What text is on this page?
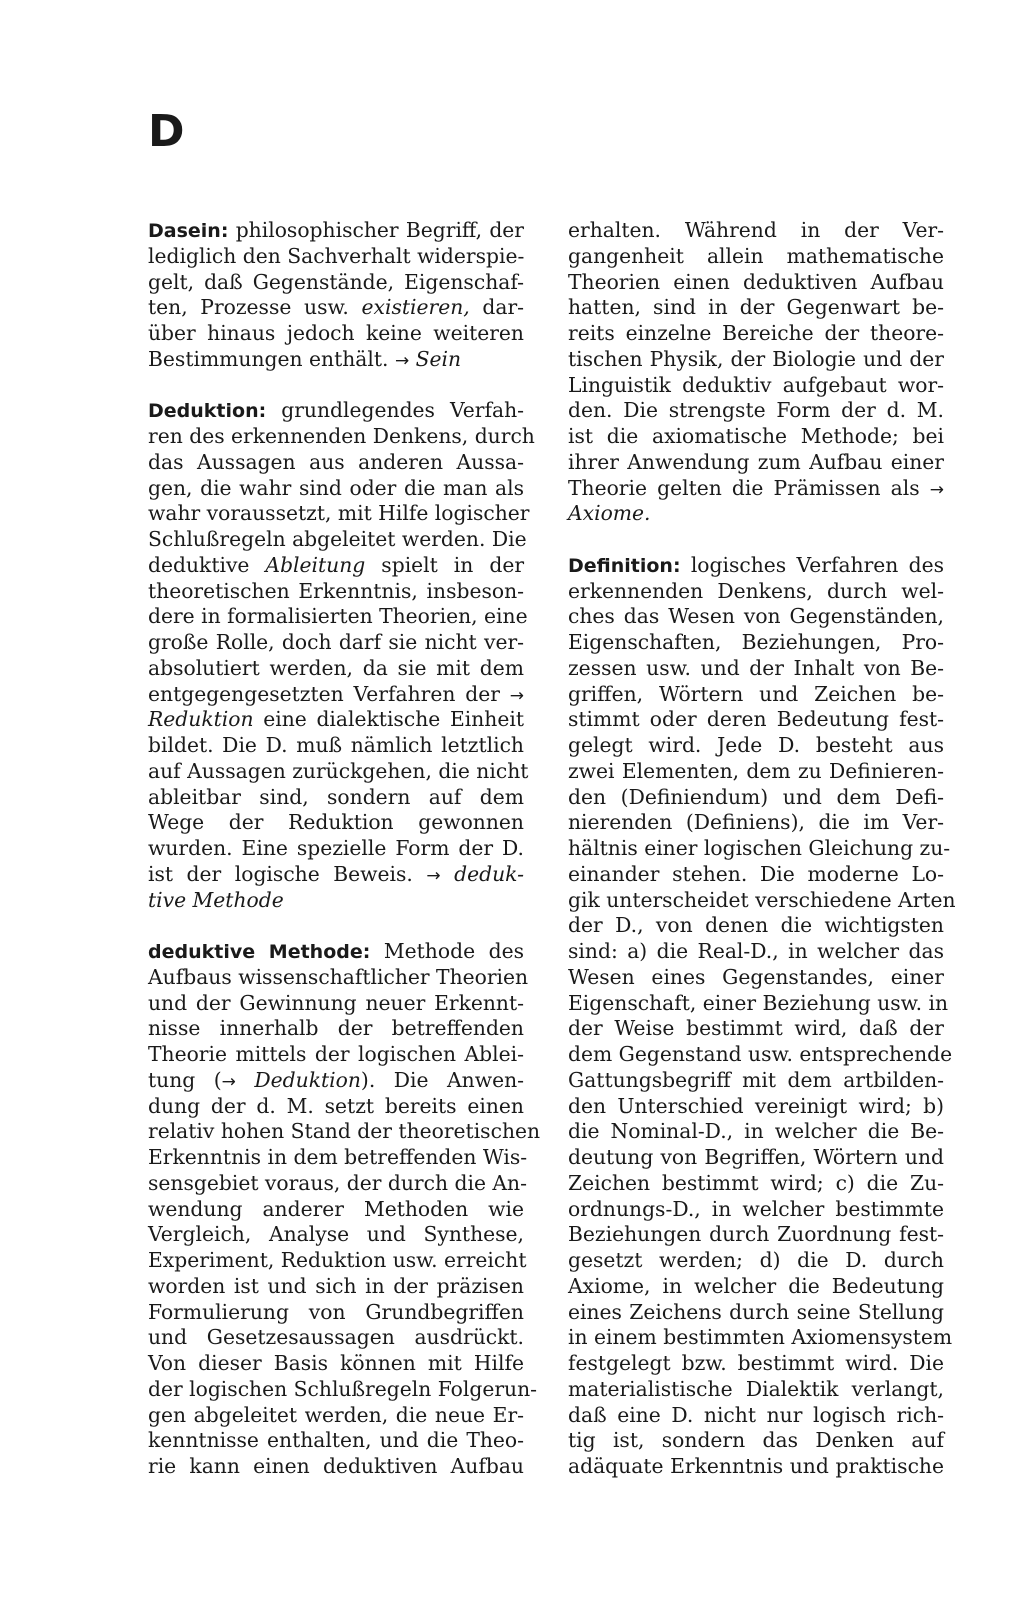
D
Dasein: philosophischer Begriff, der
lediglich den Sachverhalt widerspie-
gelt, daß Gegenstände, Eigenschaf-
ten, Prozesse usw. existieren, dar-
über hinaus jedoch keine weiteren
Bestimmungen enthält. → Sein
Deduktion: grundlegendes Verfah-
ren des erkennenden Denkens, durch
das Aussagen aus anderen Aussa-
gen, die wahr sind oder die man als
wahr voraussetzt, mit Hilfe logischer
Schlußregeln abgeleitet werden. Die
deduktive Ableitung spielt in der
theoretischen Erkenntnis, insbeson-
dere in formalisierten Theorien, eine
große Rolle, doch darf sie nicht ver-
absolutiert werden, da sie mit dem
entgegengesetzten Verfahren der →
Reduktion eine dialektische Einheit
bildet. Die D. muß nämlich letztlich
auf Aussagen zurückgehen, die nicht
ableitbar sind, sondern auf dem
Wege der Reduktion gewonnen
wurden. Eine spezielle Form der D.
ist der logische Beweis. → deduk-
tive Methode
deduktive Methode: Methode des
Aufbaus wissenschaftlicher Theorien
und der Gewinnung neuer Erkennt-
nisse innerhalb der betreffenden
Theorie mittels der logischen Ablei-
tung (→ Deduktion). Die Anwen-
dung der d. M. setzt bereits einen
relativ hohen Stand der theoretischen
Erkenntnis in dem betreffenden Wis-
sensgebiet voraus, der durch die An-
wendung anderer Methoden wie
Vergleich, Analyse und Synthese,
Experiment, Reduktion usw. erreicht
worden ist und sich in der präzisen
Formulierung von Grundbegriffen
und Gesetzesaussagen ausdrückt.
Von dieser Basis können mit Hilfe
der logischen Schlußregeln Folgerun-
gen abgeleitet werden, die neue Er-
kenntnisse enthalten, und die Theo-
rie kann einen deduktiven Aufbau
erhalten. Während in der Ver-
gangenheit allein mathematische
Theorien einen deduktiven Aufbau
hatten, sind in der Gegenwart be-
reits einzelne Bereiche der theore-
tischen Physik, der Biologie und der
Linguistik deduktiv aufgebaut wor-
den. Die strengste Form der d. M.
ist die axiomatische Methode; bei
ihrer Anwendung zum Aufbau einer
Theorie gelten die Prämissen als →
Axiome.
Definition: logisches Verfahren des
erkennenden Denkens, durch wel-
ches das Wesen von Gegenständen,
Eigenschaften, Beziehungen, Pro-
zessen usw. und der Inhalt von Be-
griffen, Wörtern und Zeichen be-
stimmt oder deren Bedeutung fest-
gelegt wird. Jede D. besteht aus
zwei Elementen, dem zu Definieren-
den (Definiendum) und dem Defi-
nierenden (Definiens), die im Ver-
hältnis einer logischen Gleichung zu-
einander stehen. Die moderne Lo-
gik unterscheidet verschiedene Arten
der D., von denen die wichtigsten
sind: a) die Real-D., in welcher das
Wesen eines Gegenstandes, einer
Eigenschaft, einer Beziehung usw. in
der Weise bestimmt wird, daß der
dem Gegenstand usw. entsprechende
Gattungsbegriff mit dem artbilden-
den Unterschied vereinigt wird; b)
die Nominal-D., in welcher die Be-
deutung von Begriffen, Wörtern und
Zeichen bestimmt wird; c) die Zu-
ordnungs-D., in welcher bestimmte
Beziehungen durch Zuordnung fest-
gesetzt werden; d) die D. durch
Axiome, in welcher die Bedeutung
eines Zeichens durch seine Stellung
in einem bestimmten Axiomensystem
festgelegt bzw. bestimmt wird. Die
materialistische Dialektik verlangt,
daß eine D. nicht nur logisch rich-
tig ist, sondern das Denken auf
adäquate Erkenntnis und praktische
